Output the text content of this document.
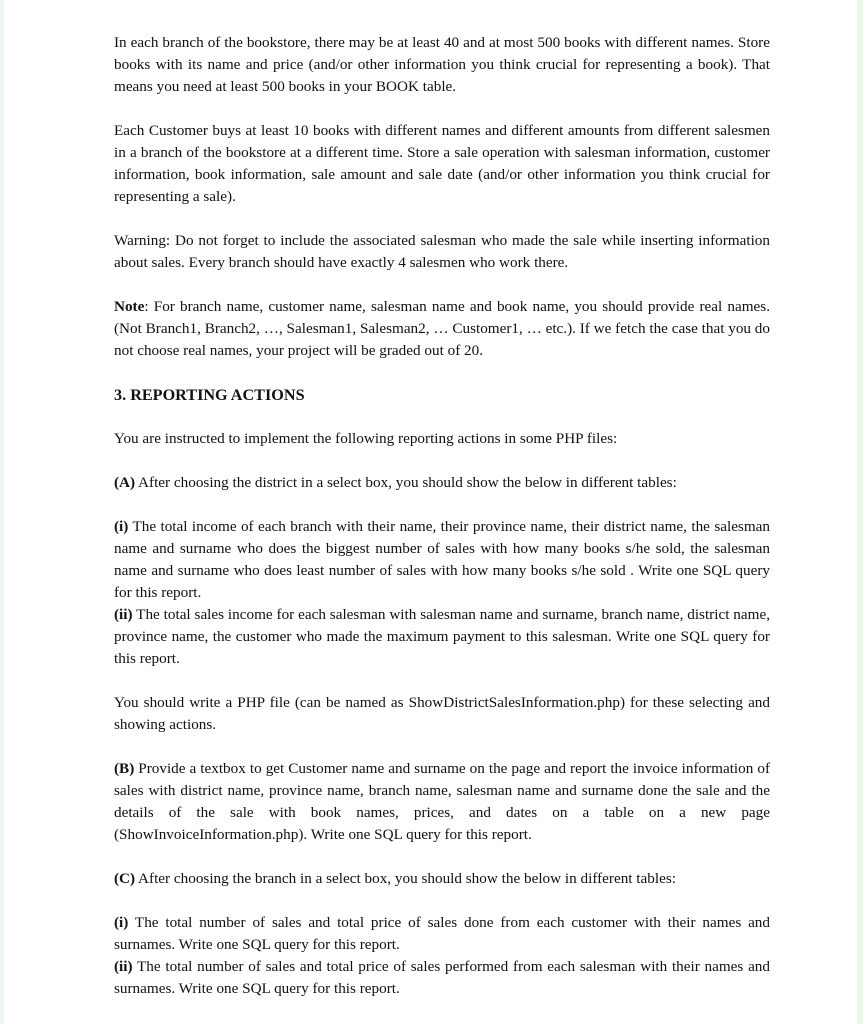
In each branch of the bookstore, there may be at least 40 and at most 500 books with different names. Store books with its name and price (and/or other information you think crucial for representing a book). That means you need at least 500 books in your BOOK table.

Each Customer buys at least 10 books with different names and different amounts from different salesmen in a branch of the bookstore at a different time. Store a sale operation with salesman information, customer information, book information, sale amount and sale date (and/or other information you think crucial for representing a sale).

Warning: Do not forget to include the associated salesman who made the sale while inserting information about sales. Every branch should have exactly 4 salesmen who work there.

Note: For branch name, customer name, salesman name and book name, you should provide real names. (Not Branch1, Branch2, …, Salesman1, Salesman2, … Customer1, … etc.). If we fetch the case that you do not choose real names, your project will be graded out of 20.

3. REPORTING ACTIONS

You are instructed to implement the following reporting actions in some PHP files:

(A) After choosing the district in a select box, you should show the below in different tables:

(i) The total income of each branch with their name, their province name, their district name, the salesman name and surname who does the biggest number of sales with how many books s/he sold, the salesman name and surname who does least number of sales with how many books s/he sold . Write one SQL query for this report.

(ii) The total sales income for each salesman with salesman name and surname, branch name, district name, province name, the customer who made the maximum payment to this salesman. Write one SQL query for this report.

You should write a PHP file (can be named as ShowDistrictSalesInformation.php) for these selecting and showing actions.

(B) Provide a textbox to get Customer name and surname on the page and report the invoice information of sales with district name, province name, branch name, salesman name and surname done the sale and the details of the sale with book names, prices, and dates on a table on a new page (ShowInvoiceInformation.php). Write one SQL query for this report.

(C) After choosing the branch in a select box, you should show the below in different tables:

(i) The total number of sales and total price of sales done from each customer with their names and surnames. Write one SQL query for this report.

(ii) The total number of sales and total price of sales performed from each salesman with their names and surnames. Write one SQL query for this report.
